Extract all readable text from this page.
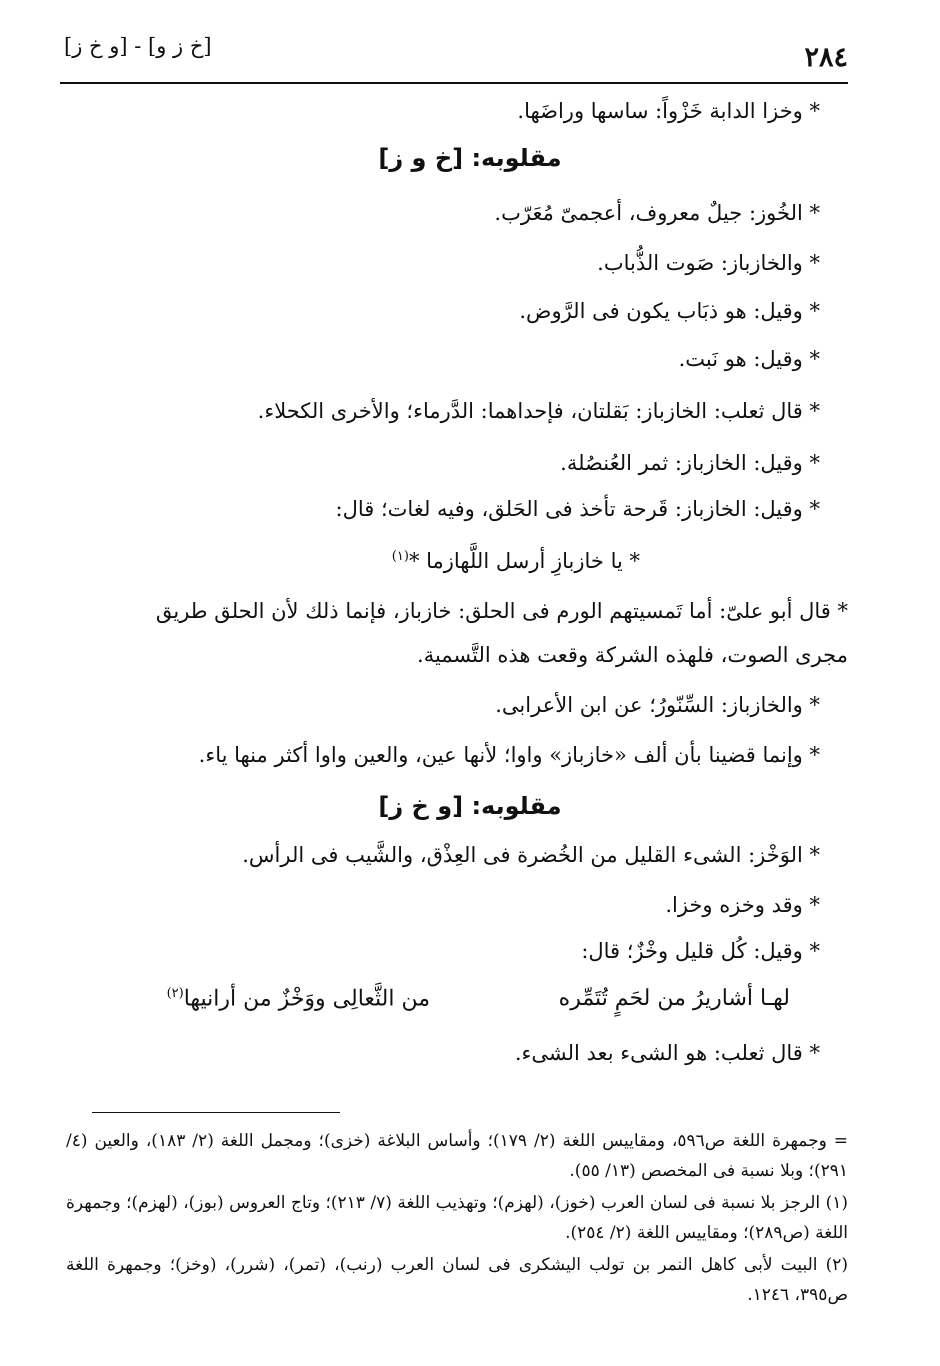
٢٨٤
[خ ز و] - [و خ ز]
* وخزا الدابة خَزْواً: ساسها وراضَها.
مقلوبه: [خ و ز]
* الخُوز: جيلٌ معروف، أعجمىّ مُعَرّب.
* والخازباز: صَوت الذُّباب.
* وقيل: هو ذبَاب يكون فى الرَّوض.
* وقيل: هو نَبت.
* قال ثعلب: الخازباز: بَقلتان، فإحداهما: الدَّرماء؛ والأخرى الكحلاء.
* وقيل: الخازباز: ثمر العُنصُلة.
* وقيل: الخازباز: قَرحة تأخذ فى الحَلق، وفيه لغات؛ قال:
* يا خازبازِ أرسل اللَّهازما *$^{(١)}$
* قال أبو علىّ: أما تَمسيتهم الورم فى الحلق: خازباز، فإنما ذلك لأن الحلق طريق
مجرى الصوت، فلهذه الشركة وقعت هذه التَّسمية.
* والخازباز: السِّنّورُ؛ عن ابن الأعرابى.
* وإنما قضينا بأن ألف «خازباز» واوا؛ لأنها عين، والعين واوا أكثر منها ياء.
مقلوبه: [و خ ز]
* الوَخْز: الشىء القليل من الخُضرة فى العِذْق، والشَّيب فى الرأس.
* وقد وخزه وخزا.
* وقيل: كُل قليل وخْزٌ؛ قال:
لهـا أشاريرُ من لحَمٍ تُتَمِّره
من الثَّعالِى ووَخْزٌ من أرانيها$^{(٢)}$
* قال ثعلب: هو الشىء بعد الشىء.
= وجمهرة اللغة ص٥٩٦، ومقاييس اللغة (٢/ ١٧٩)؛ وأساس البلاغة (خزى)؛ ومجمل اللغة (٢/ ١٨٣)، والعين (٤/ ٢٩١)؛ وبلا نسبة فى المخصص (١٣/ ٥٥).
(١) الرجز بلا نسبة فى لسان العرب (خوز)، (لهزم)؛ وتهذيب اللغة (٧/ ٢١٣)؛ وتاج العروس (بوز)، (لهزم)؛ وجمهرة اللغة (ص٢٨٩)؛ ومقاييس اللغة (٢/ ٢٥٤).
(٢) البيت لأبى كاهل النمر بن تولب اليشكرى فى لسان العرب (رنب)، (تمر)، (شرر)، (وخز)؛ وجمهرة اللغة ص٣٩٥، ١٢٤٦.
